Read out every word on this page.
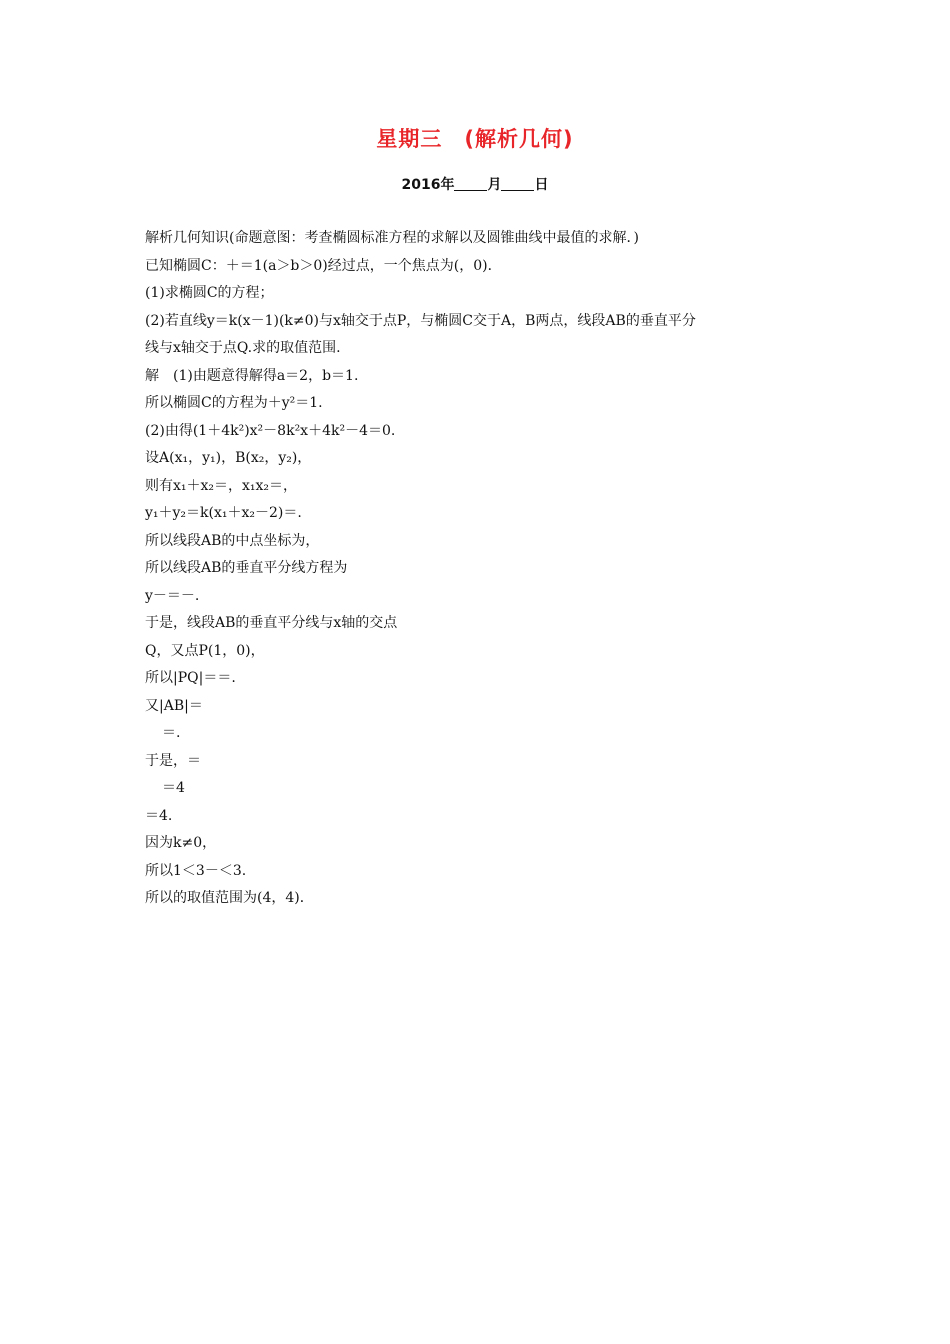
星期三　(解析几何)
2016年 月 日
解析几何知识(命题意图：考查椭圆标准方程的求解以及圆锥曲线中最值的求解．)
已知椭圆C：＋＝1(a＞b＞0)经过点，一个焦点为(，0)．
(1)求椭圆C的方程；
(2)若直线y＝k(x－1)(k≠0)与x轴交于点P，与椭圆C交于A，B两点，线段AB的垂直平分
线与x轴交于点Q.求的取值范围.
解　(1)由题意得解得a＝2，b＝1.
所以椭圆C的方程为＋y²＝1.
(2)由得(1＋4k²)x²－8k²x＋4k²－4＝0.
设A(x₁，y₁)，B(x₂，y₂)，
则有x₁＋x₂＝，x₁x₂＝，
y₁＋y₂＝k(x₁＋x₂－2)＝.
所以线段AB的中点坐标为，
所以线段AB的垂直平分线方程为
y－＝－.
于是，线段AB的垂直平分线与x轴的交点
Q，又点P(1，0)，
所以|PQ|＝＝.
又|AB|＝
＝.
于是，＝
＝4
＝4.
因为k≠0，
所以1＜3－＜3.
所以的取值范围为(4，4)．
